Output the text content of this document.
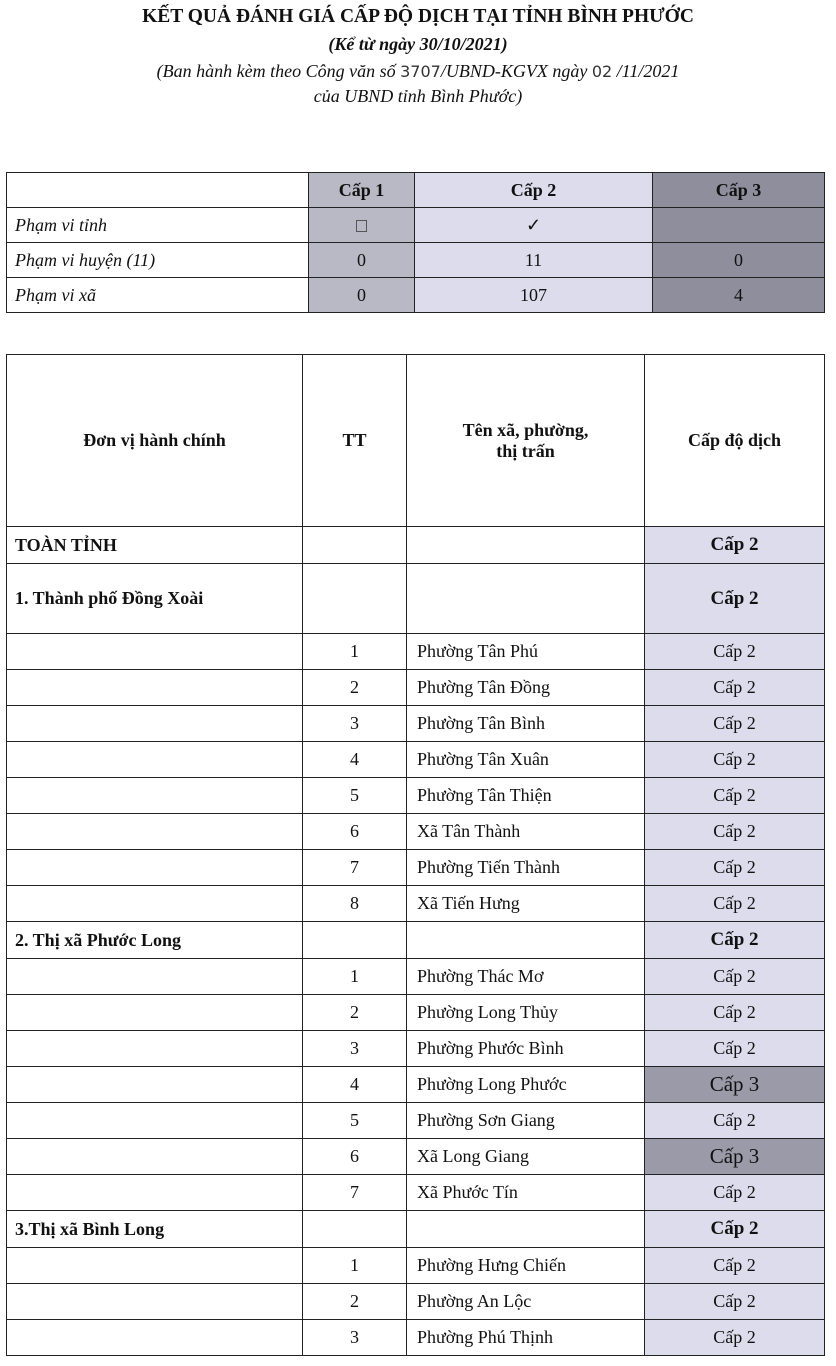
KẾT QUẢ ĐÁNH GIÁ CẤP ĐỘ DỊCH TẠI TỈNH BÌNH PHƯỚC
(Kể từ ngày 30/10/2021)
(Ban hành kèm theo Công văn số 3707/UBND-KGVX ngày 02 /11/2021
của UBND tỉnh Bình Phước)
	Cấp 1	Cấp 2	Cấp 3
Phạm vi tỉnh		✓	
Phạm vi huyện (11)	0	11	0
Phạm vi xã	0	107	4
Đơn vị hành chính	TT	Tên xã, phường, thị trấn	Cấp độ dịch
TOÀN TỈNH			Cấp 2
1. Thành phố Đồng Xoài			Cấp 2
	1	Phường Tân Phú	Cấp 2
	2	Phường Tân Đồng	Cấp 2
	3	Phường Tân Bình	Cấp 2
	4	Phường Tân Xuân	Cấp 2
	5	Phường Tân Thiện	Cấp 2
	6	Xã Tân Thành	Cấp 2
	7	Phường Tiến Thành	Cấp 2
	8	Xã Tiến Hưng	Cấp 2
2. Thị xã Phước Long			Cấp 2
	1	Phường Thác Mơ	Cấp 2
	2	Phường Long Thủy	Cấp 2
	3	Phường Phước Bình	Cấp 2
	4	Phường Long Phước	Cấp 3
	5	Phường Sơn Giang	Cấp 2
	6	Xã Long Giang	Cấp 3
	7	Xã Phước Tín	Cấp 2
3.Thị xã Bình Long			Cấp 2
	1	Phường Hưng Chiến	Cấp 2
	2	Phường An Lộc	Cấp 2
	3	Phường Phú Thịnh	Cấp 2
